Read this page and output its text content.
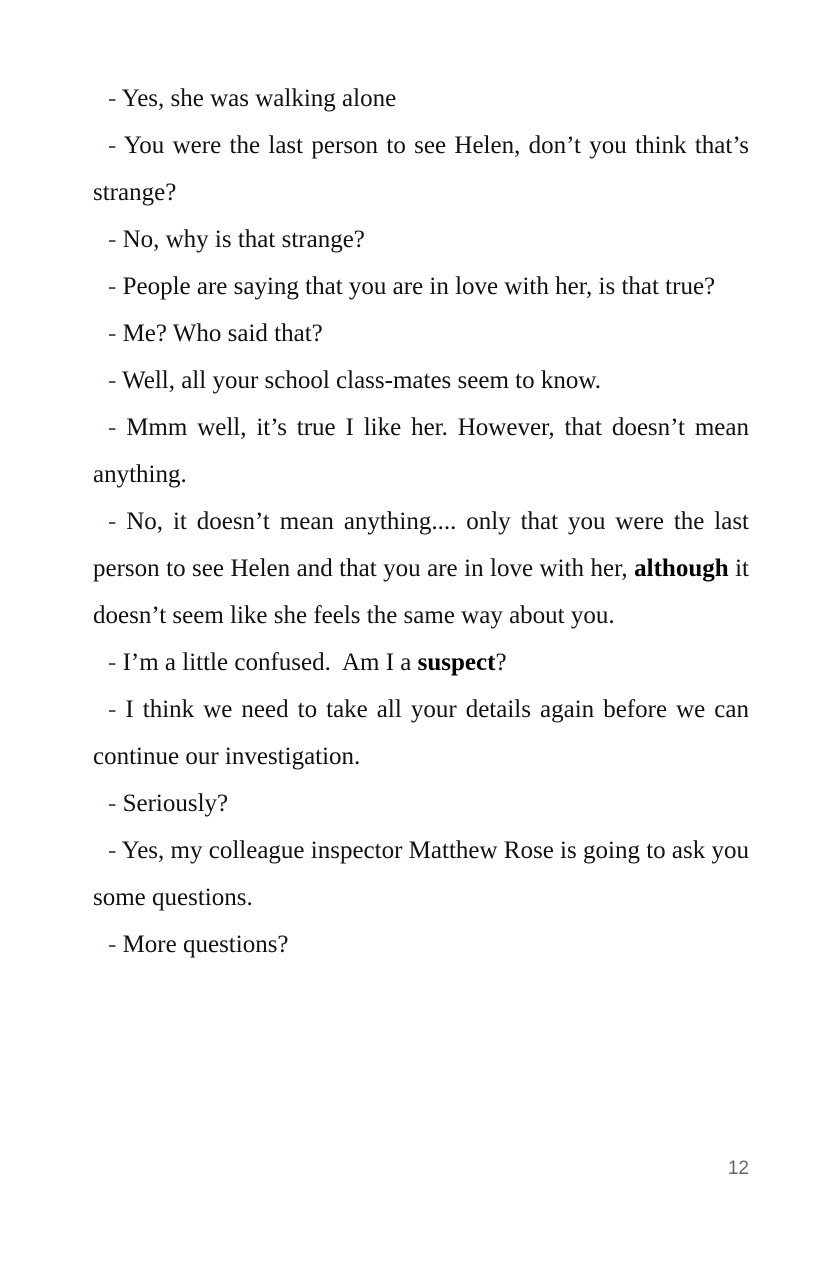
- Yes, she was walking alone

- You were the last person to see Helen, don’t you think that’s strange?

- No, why is that strange?

- People are saying that you are in love with her, is that true?

- Me? Who said that?

- Well, all your school class-mates seem to know.

- Mmm well, it’s true I like her. However, that doesn’t mean anything.

- No, it doesn’t mean anything.... only that you were the last person to see Helen and that you are in love with her, although it doesn’t seem like she feels the same way about you.

- I’m a little confused.  Am I a suspect?

- I think we need to take all your details again before we can continue our investigation.

- Seriously?

- Yes, my colleague inspector Matthew Rose is going to ask you some questions.

- More questions?

12
